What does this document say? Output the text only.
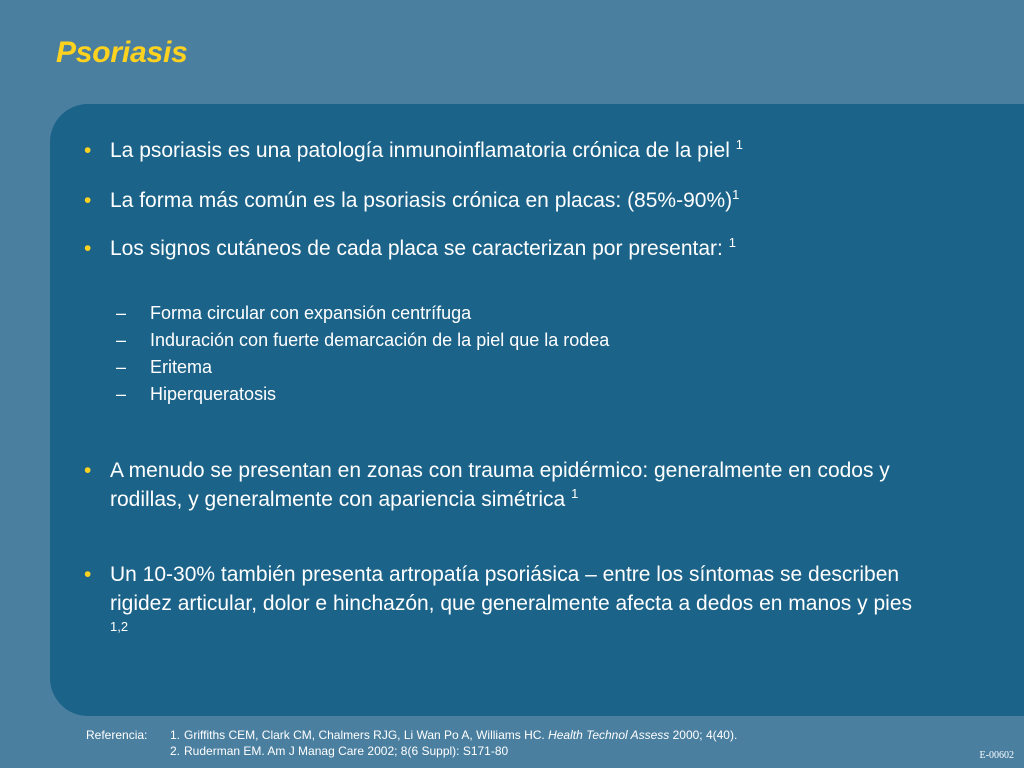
Psoriasis
• La psoriasis es una patología inmunoinflamatoria crónica de la piel $^1$
• La forma más común es la psoriasis crónica en placas: $(85\%-90\%)^1$
• Los signos cutáneos de cada placa se caracterizan por presentar: $^1$
– Forma circular con expansión centrífuga
– Induración con fuerte demarcación de la piel que la rodea
– Eritema
– Hiperqueratosis
• A menudo se presentan en zonas con trauma epidérmico: generalmente en codos y rodillas, y generalmente con apariencia simétrica $^1$
• Un 10-30% también presenta artropatía psoriásica – entre los síntomas se describen rigidez articular, dolor e hinchazón, que generalmente afecta a dedos en manos y pies $^{1,2}$
Referencia: 1. Griffiths CEM, Clark CM, Chalmers RJG, Li Wan Po A, Williams HC. Health Technol Assess 2000; 4(40).
2. Ruderman EM. Am J Manag Care 2002; 8(6 Suppl): S171-80	E-00602
